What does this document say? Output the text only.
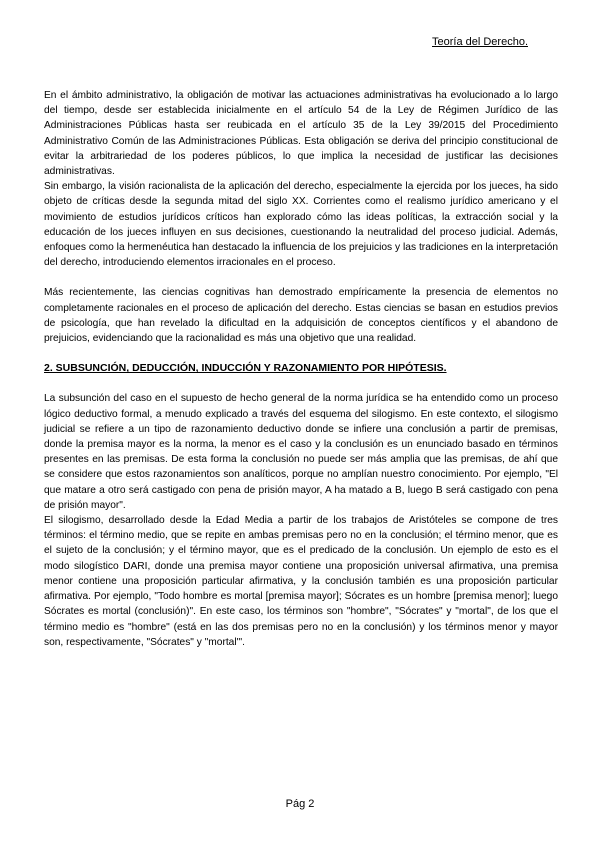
Teoría del Derecho.

En el ámbito administrativo, la obligación de motivar las actuaciones administrativas ha evolucionado a lo largo del tiempo, desde ser establecida inicialmente en el artículo 54 de la Ley de Régimen Jurídico de las Administraciones Públicas hasta ser reubicada en el artículo 35 de la Ley 39/2015 del Procedimiento Administrativo Común de las Administraciones Públicas. Esta obligación se deriva del principio constitucional de evitar la arbitrariedad de los poderes públicos, lo que implica la necesidad de justificar las decisiones administrativas.

Sin embargo, la visión racionalista de la aplicación del derecho, especialmente la ejercida por los jueces, ha sido objeto de críticas desde la segunda mitad del siglo XX. Corrientes como el realismo jurídico americano y el movimiento de estudios jurídicos críticos han explorado cómo las ideas políticas, la extracción social y la educación de los jueces influyen en sus decisiones, cuestionando la neutralidad del proceso judicial. Además, enfoques como la hermenéutica han destacado la influencia de los prejuicios y las tradiciones en la interpretación del derecho, introduciendo elementos irracionales en el proceso.

Más recientemente, las ciencias cognitivas han demostrado empíricamente la presencia de elementos no completamente racionales en el proceso de aplicación del derecho. Estas ciencias se basan en estudios previos de psicología, que han revelado la dificultad en la adquisición de conceptos científicos y el abandono de prejuicios, evidenciando que la racionalidad es más una objetivo que una realidad.

2. SUBSUNCIÓN, DEDUCCIÓN, INDUCCIÓN Y RAZONAMIENTO POR HIPÓTESIS.

La subsunción del caso en el supuesto de hecho general de la norma jurídica se ha entendido como un proceso lógico deductivo formal, a menudo explicado a través del esquema del silogismo. En este contexto, el silogismo judicial se refiere a un tipo de razonamiento deductivo donde se infiere una conclusión a partir de premisas, donde la premisa mayor es la norma, la menor es el caso y la conclusión es un enunciado basado en términos presentes en las premisas. De esta forma la conclusión no puede ser más amplia que las premisas, de ahí que se considere que estos razonamientos son analíticos, porque no amplían nuestro conocimiento. Por ejemplo, "El que matare a otro será castigado con pena de prisión mayor, A ha matado a B, luego B será castigado con pena de prisión mayor".

El silogismo, desarrollado desde la Edad Media a partir de los trabajos de Aristóteles se compone de tres términos: el término medio, que se repite en ambas premisas pero no en la conclusión; el término menor, que es el sujeto de la conclusión; y el término mayor, que es el predicado de la conclusión. Un ejemplo de esto es el modo silogístico DARI, donde una premisa mayor contiene una proposición universal afirmativa, una premisa menor contiene una proposición particular afirmativa, y la conclusión también es una proposición particular afirmativa. Por ejemplo, "Todo hombre es mortal [premisa mayor]; Sócrates es un hombre [premisa menor]; luego Sócrates es mortal (conclusión)". En este caso, los términos son "hombre", "Sócrates" y "mortal", de los que el término medio es "hombre" (está en las dos premisas pero no en la conclusión) y los términos menor y mayor son, respectivamente, "Sócrates" y "mortal"'.

Pág 2
